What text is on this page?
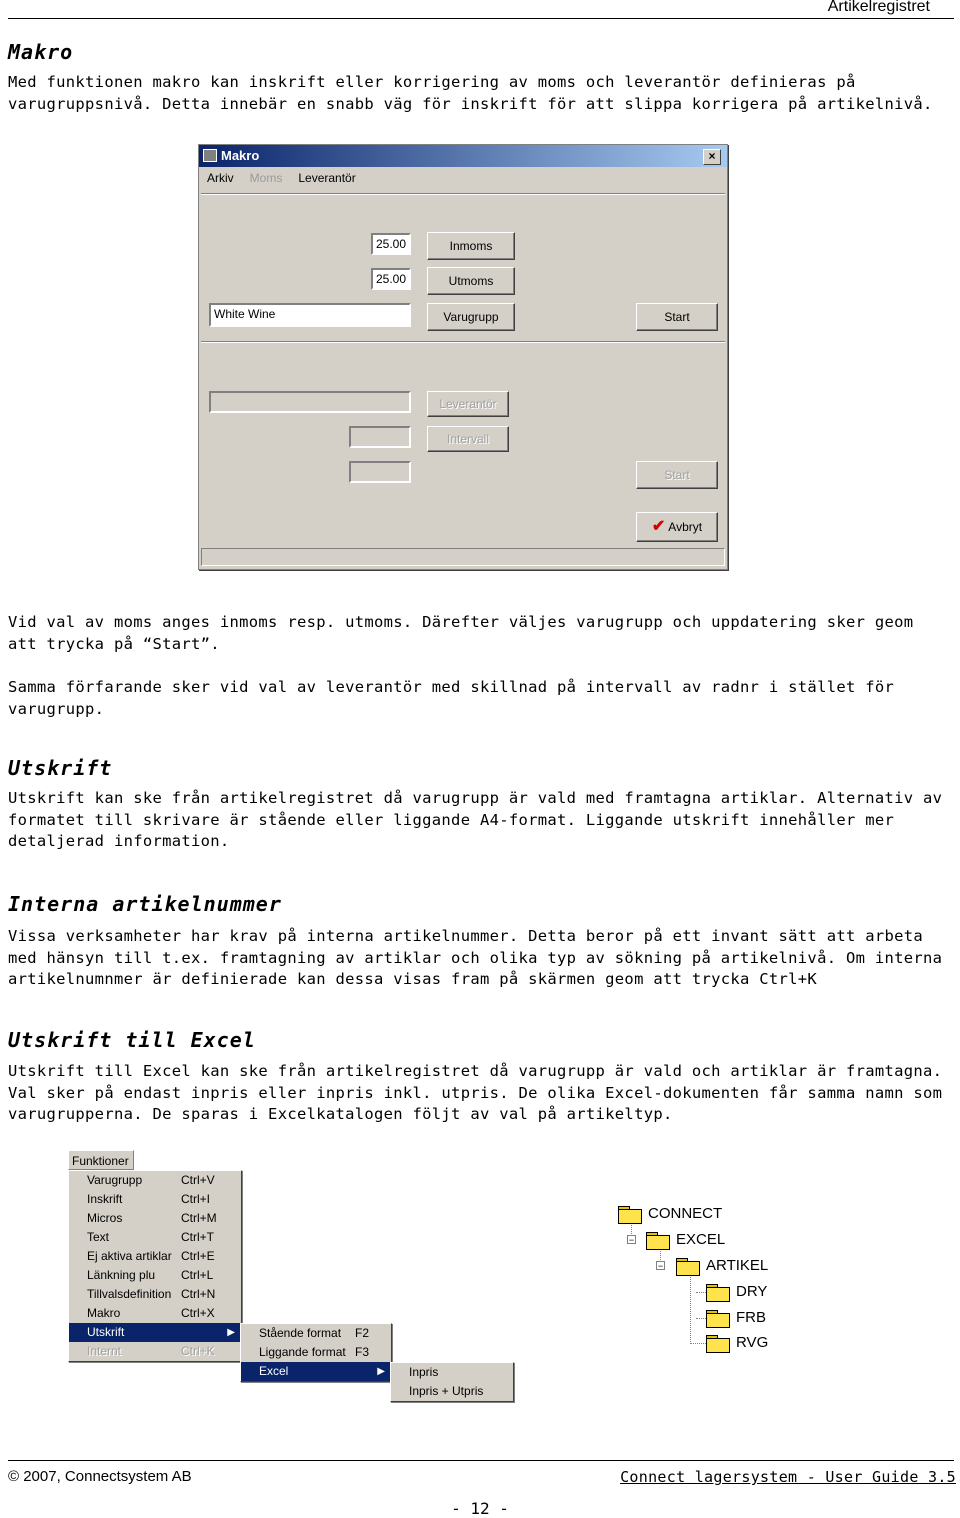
Artikelregistret
Makro

Med funktionen makro kan inskrift eller korrigering av moms och leverantör definieras på varugruppsnivå. Detta innebär en snabb väg för inskrift för att slippa korrigera på artikelnivå.

Makro	×
Arkiv Moms Leverantör
25.00	Inmoms
25.00	Utmoms
White Wine	Varugrupp	Start
Leverantör
Intervall
Start
✔ Avbryt

Vid val av moms anges inmoms resp. utmoms. Därefter väljes varugrupp och uppdatering sker geom att trycka på “Start”.

Samma förfarande sker vid val av leverantör med skillnad på intervall av radnr i stället för varugrupp.

Utskrift

Utskrift kan ske från artikelregistret då varugrupp är vald med framtagna artiklar. Alternativ av formatet till skrivare är stående eller liggande A4-format. Liggande utskrift innehåller mer detaljerad information.

Interna artikelnummer

Vissa verksamheter har krav på interna artikelnummer. Detta beror på ett invant sätt att arbeta med hänsyn till t.ex. framtagning av artiklar och olika typ av sökning på artikelnivå. Om interna artikelnumnmer är definierade kan dessa visas fram på skärmen geom att trycka Ctrl+K

Utskrift till Excel

Utskrift till Excel kan ske från artikelregistret då varugrupp är vald och artiklar är framtagna. Val sker på endast inpris eller inpris inkl. utpris. De olika Excel-dokumenten får samma namn som varugrupperna. De sparas i Excelkatalogen följt av val på artikeltyp.

Funktioner
Varugrupp	Ctrl+V
Inskrift	Ctrl+I
Micros	Ctrl+M
Text	Ctrl+T
Ej aktiva artiklar Ctrl+E
Länkning plu Ctrl+L
Tillvalsdefinition Ctrl+N
Makro	Ctrl+X
Utskrift	▶
Internt	Ctrl+K
Stående format F2
Liggande format F3
Excel	▶	Inpris
Inpris + Utpris
CONNECT
−	EXCEL
−	ARTIKEL
DRY
FRB
RVG
© 2007, Connectsystem AB	Connect lagersystem - User Guide 3.5
- 12 -
